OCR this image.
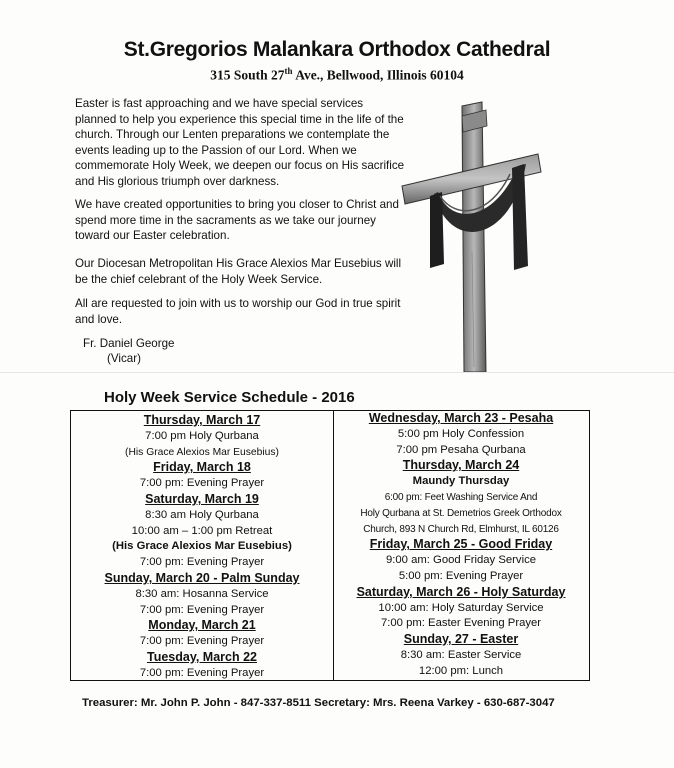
St.Gregorios Malankara Orthodox Cathedral
315 South 27th Ave., Bellwood, Illinois 60104
Easter is fast approaching and we have special services planned to help you experience this special time in the life of the church. Through our Lenten preparations we contemplate the events leading up to the Passion of our Lord. When we commemorate Holy Week, we deepen our focus on His sacrifice and His glorious triumph over darkness.
We have created opportunities to bring you closer to Christ and spend more time in the sacraments as we take our journey toward our Easter celebration.
Our Diocesan Metropolitan His Grace Alexios Mar Eusebius will be the chief celebrant of the Holy Week Service.
All are requested to join with us to worship our God in true spirit and love.
Fr. Daniel George
(Vicar)
Holy Week Service Schedule - 2016
Thursday, March 17
7:00 pm Holy Qurbana
(His Grace Alexios Mar Eusebius)
Friday, March 18
7:00 pm: Evening Prayer
Saturday, March 19
8:30 am Holy Qurbana
10:00 am – 1:00 pm Retreat
(His Grace Alexios Mar Eusebius)
7:00 pm: Evening Prayer
Sunday, March 20 - Palm Sunday
8:30 am: Hosanna Service
7:00 pm: Evening Prayer
Monday, March 21
7:00 pm: Evening Prayer
Tuesday, March 22
7:00 pm: Evening Prayer
Wednesday, March 23 - Pesaha
5:00 pm Holy Confession
7:00 pm Pesaha Qurbana
Thursday, March 24
Maundy Thursday
6:00 pm: Feet Washing Service And
Holy Qurbana at St. Demetrios Greek Orthodox
Church, 893 N Church Rd, Elmhurst, IL 60126
Friday, March 25 - Good Friday
9:00 am: Good Friday Service
5:00 pm: Evening Prayer
Saturday, March 26 - Holy Saturday
10:00 am: Holy Saturday Service
7:00 pm: Easter Evening Prayer
Sunday, 27 - Easter
8:30 am: Easter Service
12:00 pm: Lunch
Treasurer: Mr. John P. John - 847-337-8511 Secretary: Mrs. Reena Varkey - 630-687-3047
